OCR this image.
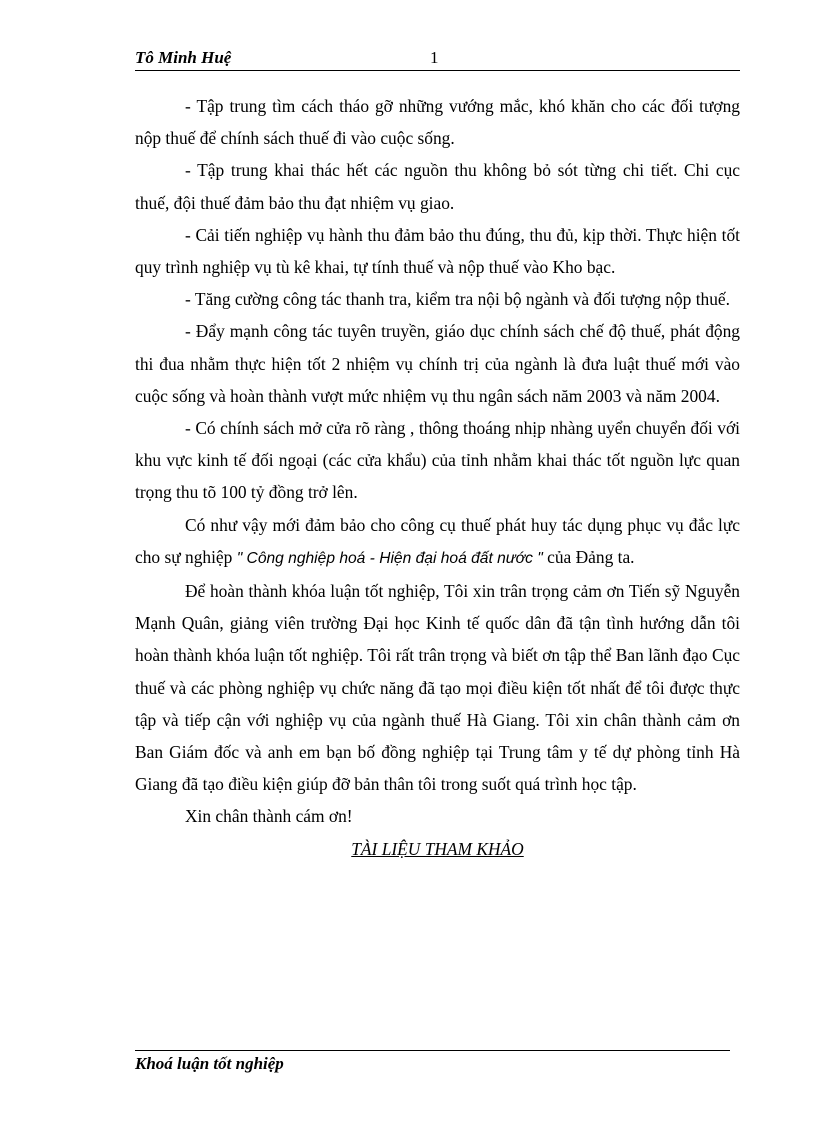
Tô Minh Huệ	1

- Tập trung tìm cách tháo gỡ những vướng mắc, khó khăn cho các đối tượng nộp thuế để chính sách thuế đi vào cuộc sống.

- Tập trung khai thác hết các nguồn thu không bỏ sót từng chi tiết. Chi cục thuế, đội thuế đảm bảo thu đạt nhiệm vụ giao.

- Cải tiến nghiệp vụ hành thu đảm bảo thu đúng, thu đủ, kịp thời. Thực hiện tốt quy trình nghiệp vụ tù kê khai, tự tính thuế và nộp thuế vào Kho bạc.

- Tăng cường công tác thanh tra, kiểm tra nội bộ ngành và đối tượng nộp thuế.

- Đẩy mạnh công tác tuyên truyền, giáo dục chính sách chế độ thuế, phát động thi đua nhằm thực hiện tốt 2 nhiệm vụ chính trị của ngành là đưa luật thuế mới vào cuộc sống và hoàn thành vượt mức nhiệm vụ thu ngân sách năm 2003 và năm 2004.

- Có chính sách mở cửa rõ ràng , thông thoáng nhịp nhàng uyển chuyển đối với khu vực kinh tế đối ngoại (các cửa khẩu) của tỉnh nhằm khai thác tốt nguồn lực quan trọng thu tõ 100 tỷ đồng trở lên.

Có như vậy mới đảm bảo cho công cụ thuế phát huy tác dụng phục vụ đắc lực cho sự nghiệp " Công nghiệp hoá - Hiện đại hoá đất nước " của Đảng ta.

Để hoàn thành khóa luận tốt nghiệp, Tôi xin trân trọng cảm ơn Tiến sỹ Nguyễn Mạnh Quân, giảng viên trường Đại học Kinh tế quốc dân đã tận tình hướng dẫn tôi hoàn thành khóa luận tốt nghiệp. Tôi rất trân trọng và biết ơn tập thể Ban lãnh đạo Cục thuế và các phòng nghiệp vụ chức năng đã tạo mọi điều kiện tốt nhất để tôi được thực tập và tiếp cận với nghiệp vụ của ngành thuế Hà Giang. Tôi xin chân thành cảm ơn Ban Giám đốc và anh em bạn bố đồng nghiệp tại Trung tâm y tế dự phòng tỉnh Hà Giang đã tạo điều kiện giúp đỡ bản thân tôi trong suốt quá trình học tập.

Xin chân thành cám ơn!

TÀI LIỆU THAM KHẢO

Khoá luận tốt nghiệp
